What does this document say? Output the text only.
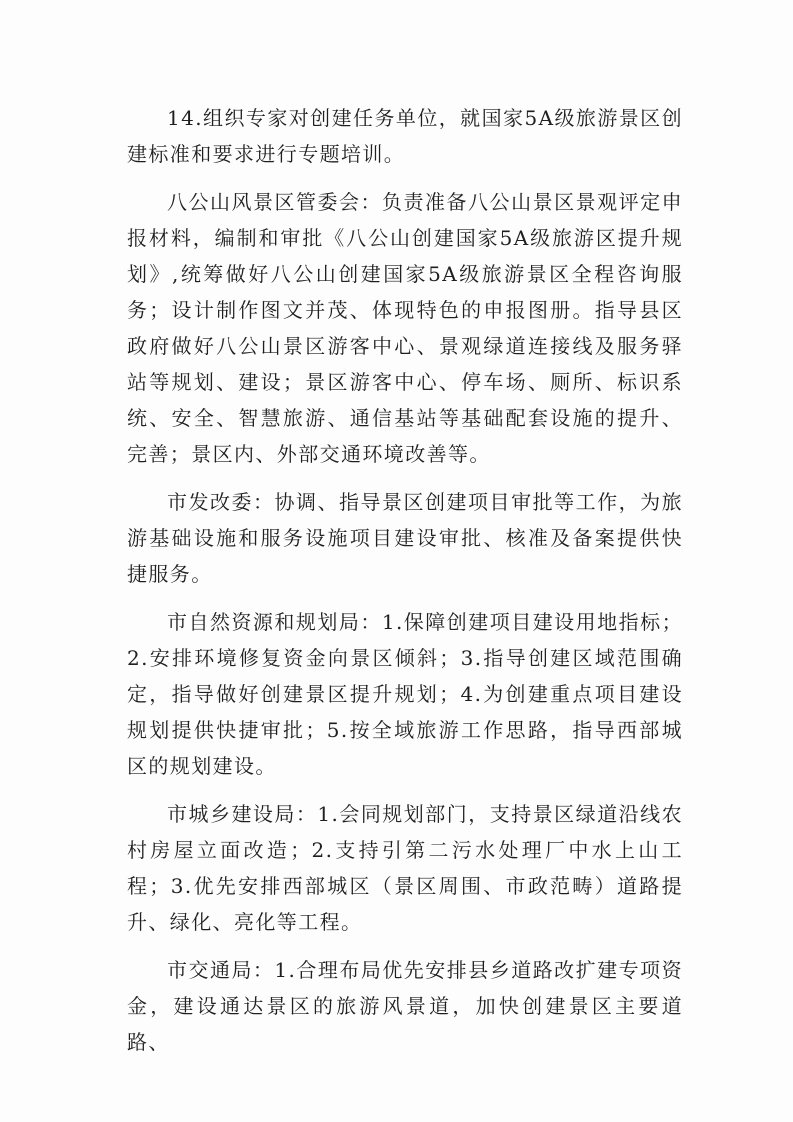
14.组织专家对创建任务单位，就国家5A级旅游景区创建标准和要求进行专题培训。

八公山风景区管委会：负责准备八公山景区景观评定申报材料，编制和审批《八公山创建国家5A级旅游区提升规划》,统筹做好八公山创建国家5A级旅游景区全程咨询服务；设计制作图文并茂、体现特色的申报图册。指导县区政府做好八公山景区游客中心、景观绿道连接线及服务驿站等规划、建设；景区游客中心、停车场、厕所、标识系统、安全、智慧旅游、通信基站等基础配套设施的提升、完善；景区内、外部交通环境改善等。

市发改委：协调、指导景区创建项目审批等工作，为旅游基础设施和服务设施项目建设审批、核准及备案提供快捷服务。

市自然资源和规划局：1.保障创建项目建设用地指标；2.安排环境修复资金向景区倾斜；3.指导创建区域范围确定，指导做好创建景区提升规划；4.为创建重点项目建设规划提供快捷审批；5.按全域旅游工作思路，指导西部城区的规划建设。

市城乡建设局：1.会同规划部门，支持景区绿道沿线农村房屋立面改造；2.支持引第二污水处理厂中水上山工程；3.优先安排西部城区（景区周围、市政范畴）道路提升、绿化、亮化等工程。

市交通局：1.合理布局优先安排县乡道路改扩建专项资金，建设通达景区的旅游风景道，加快创建景区主要道路、
